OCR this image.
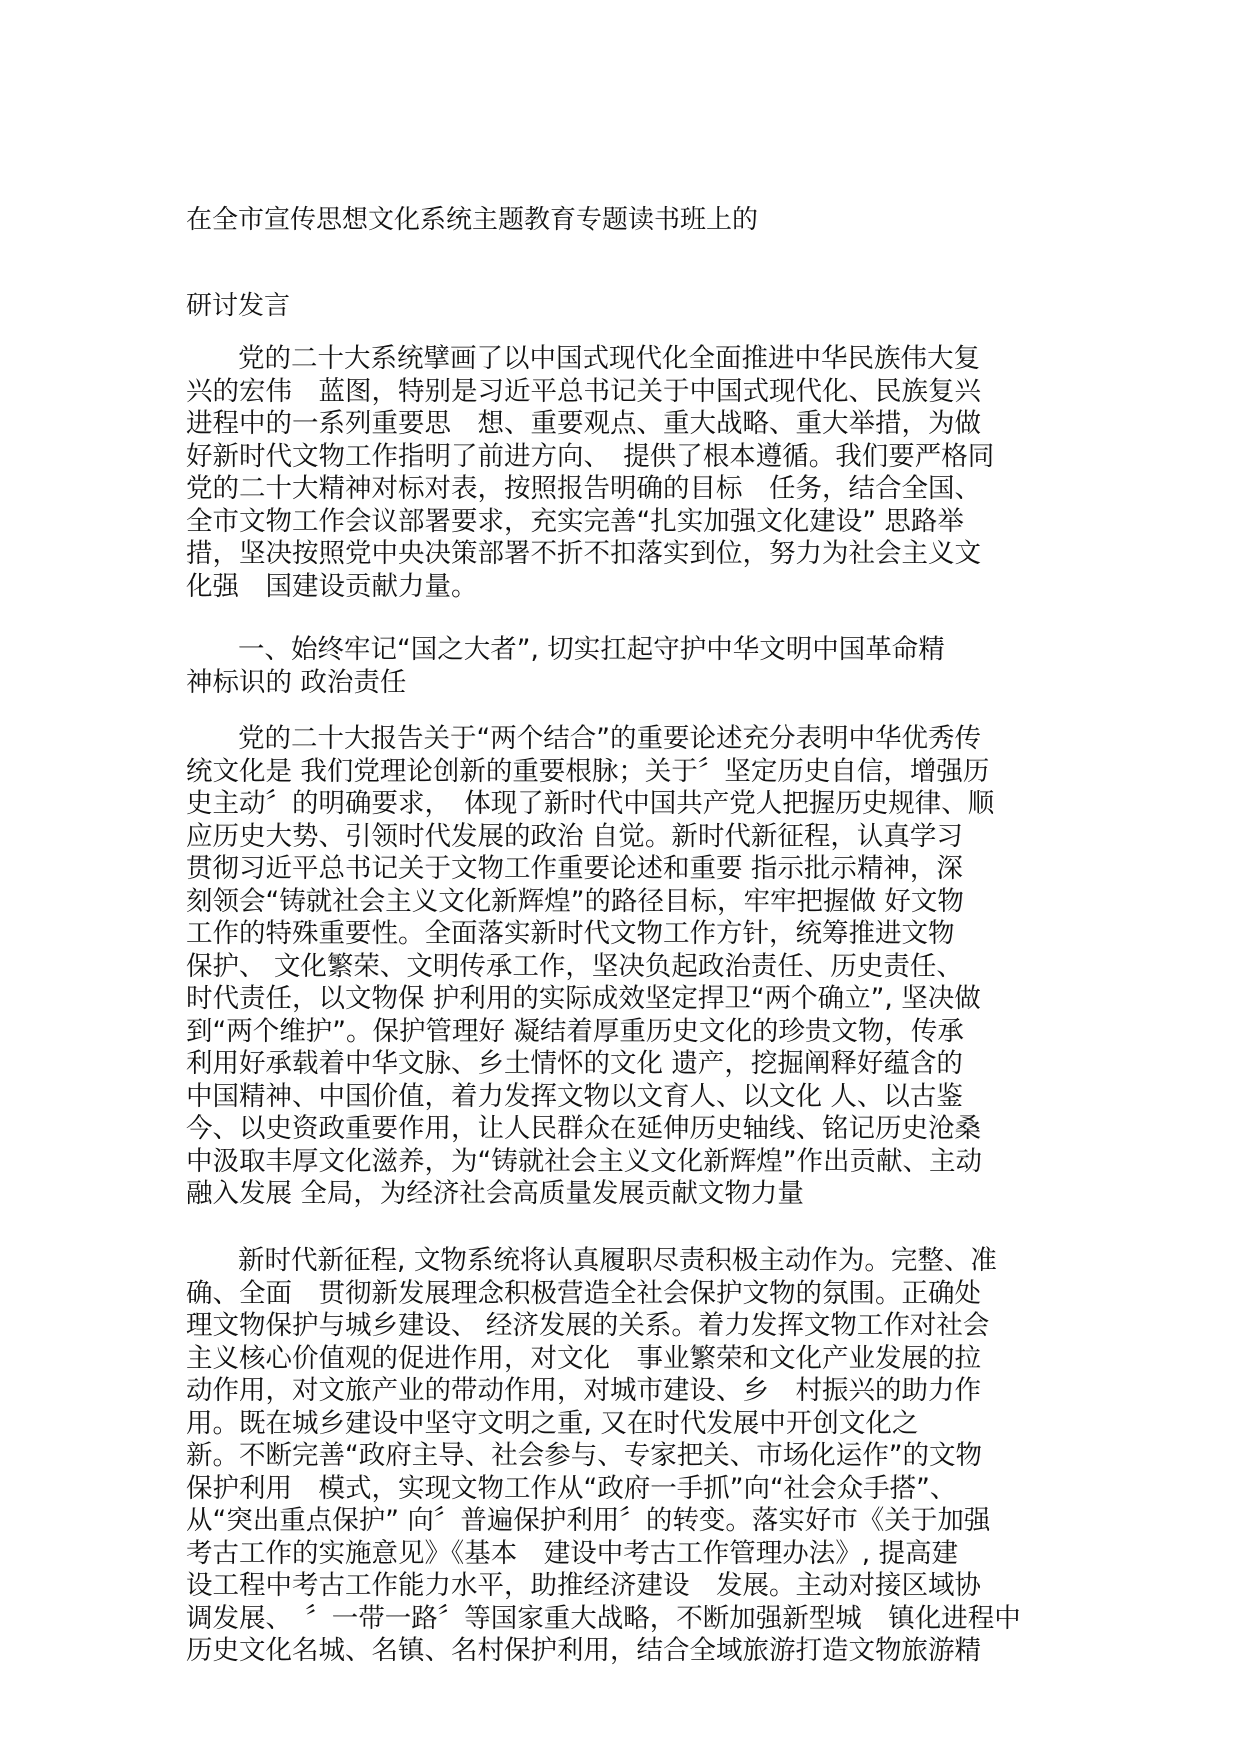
在全市宣传思想文化系统主题教育专题读书班上的
研讨发言
党的二十大系统擘画了以中国式现代化全面推进中华民族伟大复
兴的宏伟　蓝图，特别是习近平总书记关于中国式现代化、民族复兴
进程中的一系列重要思　想、重要观点、重大战略、重大举措，为做
好新时代文物工作指明了前进方向、　提供了根本遵循。我们要严格同
党的二十大精神对标对表，按照报告明确的目标　任务，结合全国、
全市文物工作会议部署要求，充实完善“扎实加强文化建设” 思路举
措，坚决按照党中央决策部署不折不扣落实到位，努力为社会主义文
化强　国建设贡献力量。
一、始终牢记“国之大者”, 切实扛起守护中华文明中国革命精
神标识的 政治责任
党的二十大报告关于“两个结合”的重要论述充分表明中华优秀传
统文化是 我们党理论创新的重要根脉；关于〞坚定历史自信，增强历
史主动〞的明确要求，　体现了新时代中国共产党人把握历史规律、顺
应历史大势、引领时代发展的政治 自觉。新时代新征程，认真学习
贯彻习近平总书记关于文物工作重要论述和重要 指示批示精神，深
刻领会“铸就社会主义文化新辉煌”的路径目标，牢牢把握做 好文物
工作的特殊重要性。全面落实新时代文物工作方针，统筹推进文物
保护、 文化繁荣、文明传承工作，坚决负起政治责任、历史责任、
时代责任，以文物保 护利用的实际成效坚定捍卫“两个确立”, 坚决做
到“两个维护”。保护管理好 凝结着厚重历史文化的珍贵文物，传承
利用好承载着中华文脉、乡土情怀的文化 遗产，挖掘阐释好蕴含的
中国精神、中国价值，着力发挥文物以文育人、以文化 人、以古鉴
今、以史资政重要作用，让人民群众在延伸历史轴线、铭记历史沧桑
中汲取丰厚文化滋养，为“铸就社会主义文化新辉煌”作出贡献、主动
融入发展 全局，为经济社会高质量发展贡献文物力量
新时代新征程, 文物系统将认真履职尽责积极主动作为。完整、准
确、全面　贯彻新发展理念积极营造全社会保护文物的氛围。正确处
理文物保护与城乡建设、 经济发展的关系。着力发挥文物工作对社会
主义核心价值观的促进作用，对文化　事业繁荣和文化产业发展的拉
动作用，对文旅产业的带动作用，对城市建设、乡　村振兴的助力作
用。既在城乡建设中坚守文明之重, 又在时代发展中开创文化之
新。不断完善“政府主导、社会参与、专家把关、市场化运作”的文物
保护利用　模式，实现文物工作从“政府一手抓”向“社会众手搭”、
从“突出重点保护” 向〞普遍保护利用〞的转变。落实好市《关于加强
考古工作的实施意见》《基本　建设中考古工作管理办法》, 提高建
设工程中考古工作能力水平，助推经济建设　发展。主动对接区域协
调发展、　〞一带一路〞等国家重大战略，不断加强新型城　镇化进程中
历史文化名城、名镇、名村保护利用，结合全域旅游打造文物旅游精
